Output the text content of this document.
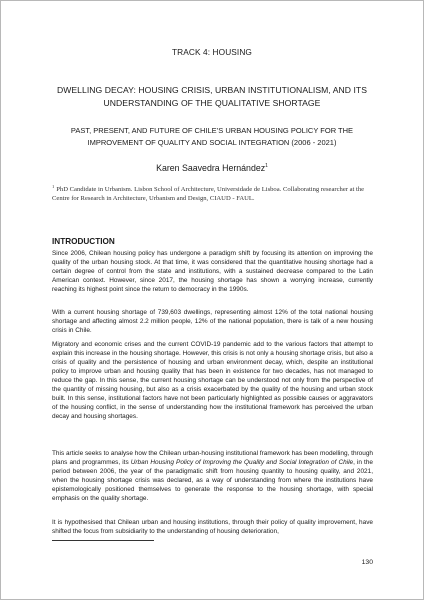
TRACK 4: HOUSING
DWELLING DECAY: HOUSING CRISIS, URBAN INSTITUTIONALISM, AND ITS
UNDERSTANDING OF THE QUALITATIVE SHORTAGE
PAST, PRESENT, AND FUTURE OF CHILE’S URBAN HOUSING POLICY FOR THE
IMPROVEMENT OF QUALITY AND SOCIAL INTEGRATION (2006 - 2021)
Karen Saavedra Hernández$^1$
$^1$ PhD Candidate in Urbanism. Lisbon School of Architecture, Universidade de Lisboa. Collaborating researcher at the Centre for Research in Architecture, Urbanism and Design, CIAUD - FAUL.
INTRODUCTION
Since 2006, Chilean housing policy has undergone a paradigm shift by focusing its attention on improving the quality of the urban housing stock. At that time, it was considered that the quantitative housing shortage had a certain degree of control from the state and institutions, with a sustained decrease compared to the Latin American context. However, since 2017, the housing shortage has shown a worrying increase, currently reaching its highest point since the return to democracy in the 1990s.
With a current housing shortage of 739,603 dwellings, representing almost 12% of the total national housing shortage and affecting almost 2.2 million people, 12% of the national population, there is talk of a new housing crisis in Chile.
Migratory and economic crises and the current COVID-19 pandemic add to the various factors that attempt to explain this increase in the housing shortage. However, this crisis is not only a housing shortage crisis, but also a crisis of quality and the persistence of housing and urban environment decay, which, despite an institutional policy to improve urban and housing quality that has been in existence for two decades, has not managed to reduce the gap. In this sense, the current housing shortage can be understood not only from the perspective of the quantity of missing housing, but also as a crisis exacerbated by the quality of the housing and urban stock built. In this sense, institutional factors have not been particularly highlighted as possible causes or aggravators of the housing conflict, in the sense of understanding how the institutional framework has perceived the urban decay and housing shortages.
This article seeks to analyse how the Chilean urban-housing institutional framework has been modelling, through plans and programmes, its Urban Housing Policy of Improving the Quality and Social Integration of Chile, in the period between 2006, the year of the paradigmatic shift from housing quantity to housing quality, and 2021, when the housing shortage crisis was declared, as a way of understanding from where the institutions have epistemologically positioned themselves to generate the response to the housing shortage, with special emphasis on the quality shortage.
It is hypothesised that Chilean urban and housing institutions, through their policy of quality improvement, have shifted the focus from subsidiarity to the understanding of housing deterioration,
130
